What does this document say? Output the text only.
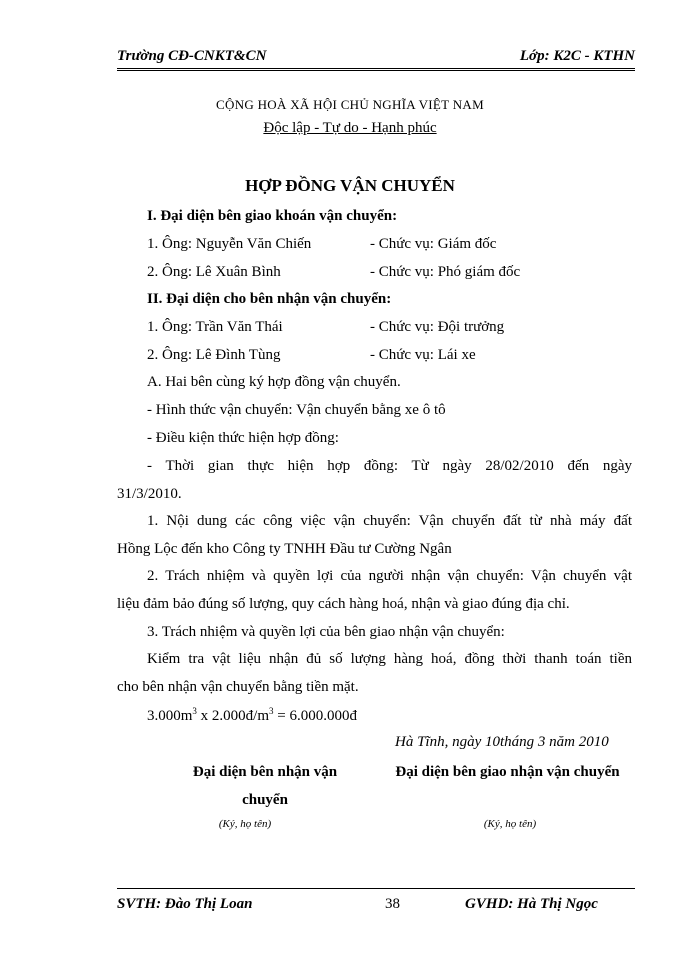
Trường CĐ-CNKT&CN	Lớp: K2C - KTHN
CỘNG HOÀ XÃ HỘI CHỦ NGHĨA VIỆT NAM
Độc lập - Tự do - Hạnh phúc
HỢP ĐỒNG VẬN CHUYỂN
I. Đại diện bên giao khoán vận chuyển:
1. Ông: Nguyễn Văn Chiến	- Chức vụ: Giám đốc
2. Ông: Lê Xuân Bình	- Chức vụ: Phó giám đốc
II. Đại diện cho bên nhận vận chuyển:
1. Ông: Trần Văn Thái	- Chức vụ: Đội trưởng
2. Ông: Lê Đình Tùng	- Chức vụ: Lái xe
A. Hai bên cùng ký hợp đồng vận chuyển.
- Hình thức vận chuyển: Vận chuyển bằng xe ô tô
- Điều kiện thức hiện hợp đồng:
- Thời gian thực hiện hợp đồng: Từ ngày 28/02/2010 đến ngày
31/3/2010.
1. Nội dung các công việc vận chuyển: Vận chuyển đất từ nhà máy đất
Hồng Lộc đến kho Công ty TNHH Đầu tư Cường Ngân
2. Trách nhiệm và quyền lợi của người nhận vận chuyển: Vận chuyển vật
liệu đảm bảo đúng số lượng, quy cách hàng hoá, nhận và giao đúng địa chỉ.
3. Trách nhiệm và quyền lợi của bên giao nhận vận chuyển:
Kiểm tra vật liệu nhận đủ số lượng hàng hoá, đồng thời thanh toán tiền
cho bên nhận vận chuyển bằng tiền mặt.
$3.000m^3$ x $2.000đ/m^3$ = 6.000.000đ
Hà Tĩnh, ngày 10tháng 3 năm 2010
Đại diện bên nhận vận
chuyển
(Ký, họ tên)
Đại diện bên giao nhận vận chuyển
(Ký, họ tên)
SVTH: Đào Thị Loan	38	GVHD: Hà Thị Ngọc
